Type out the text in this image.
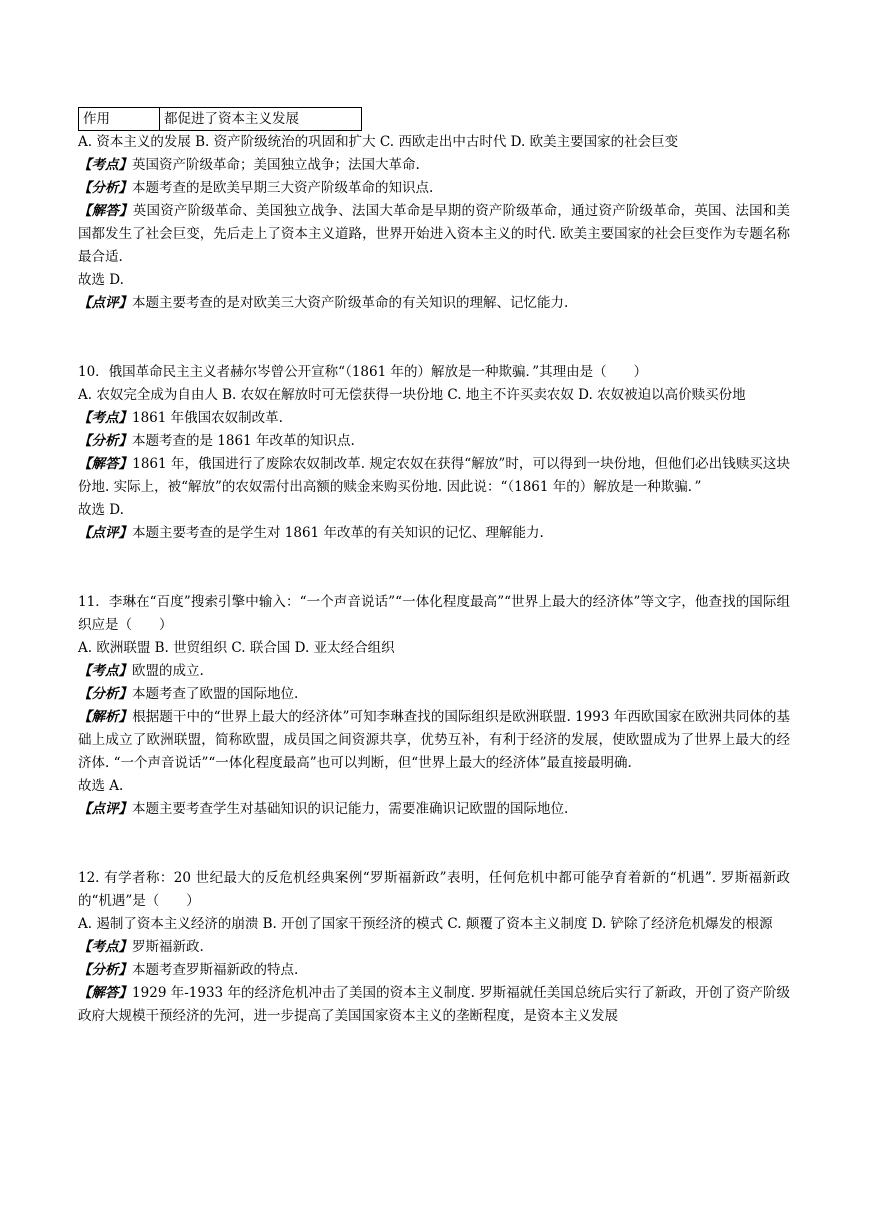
作用	都促进了资本主义发展

A. 资本主义的发展 B. 资产阶级统治的巩固和扩大 C. 西欧走出中古时代 D. 欧美主要国家的社会巨变

【考点】英国资产阶级革命；美国独立战争；法国大革命.

【分析】本题考查的是欧美早期三大资产阶级革命的知识点.

【解答】英国资产阶级革命、美国独立战争、法国大革命是早期的资产阶级革命，通过资产阶级革命，英国、法国和美国都发生了社会巨变，先后走上了资本主义道路，世界开始进入资本主义的时代. 欧美主要国家的社会巨变作为专题名称最合适.

故选 D.

【点评】本题主要考查的是对欧美三大资产阶级革命的有关知识的理解、记忆能力.

10．俄国革命民主主义者赫尔岑曾公开宣称“（1861 年的）解放是一种欺骗．”其理由是（　　）

A. 农奴完全成为自由人 B. 农奴在解放时可无偿获得一块份地 C. 地主不许买卖农奴 D. 农奴被迫以高价赎买份地

【考点】1861 年俄国农奴制改革.

【分析】本题考查的是 1861 年改革的知识点.

【解答】1861 年，俄国进行了废除农奴制改革. 规定农奴在获得“解放”时，可以得到一块份地，但他们必出钱赎买这块份地. 实际上，被“解放”的农奴需付出高额的赎金来购买份地. 因此说：“（1861 年的）解放是一种欺骗．”

故选 D.

【点评】本题主要考查的是学生对 1861 年改革的有关知识的记忆、理解能力.

11．李琳在“百度”搜索引擎中输入：“一个声音说话”“一体化程度最高”“世界上最大的经济体”等文字，他查找的国际组织应是（　　）

A. 欧洲联盟 B. 世贸组织 C. 联合国 D. 亚太经合组织

【考点】欧盟的成立.

【分析】本题考查了欧盟的国际地位.

【解析】根据题干中的“世界上最大的经济体”可知李琳查找的国际组织是欧洲联盟. 1993 年西欧国家在欧洲共同体的基础上成立了欧洲联盟，简称欧盟，成员国之间资源共享，优势互补，有利于经济的发展，使欧盟成为了世界上最大的经济体. “一个声音说话”“一体化程度最高”也可以判断，但“世界上最大的经济体”最直接最明确.

故选 A.

【点评】本题主要考查学生对基础知识的识记能力，需要准确识记欧盟的国际地位.

12. 有学者称：20 世纪最大的反危机经典案例“罗斯福新政”表明，任何危机中都可能孕育着新的“机遇”. 罗斯福新政的“机遇”是（　　）

A. 遏制了资本主义经济的崩溃 B. 开创了国家干预经济的模式 C. 颠覆了资本主义制度 D. 铲除了经济危机爆发的根源

【考点】罗斯福新政.

【分析】本题考查罗斯福新政的特点.

【解答】1929 年-1933 年的经济危机冲击了美国的资本主义制度. 罗斯福就任美国总统后实行了新政，开创了资产阶级政府大规模干预经济的先河，进一步提高了美国国家资本主义的垄断程度，是资本主义发展
